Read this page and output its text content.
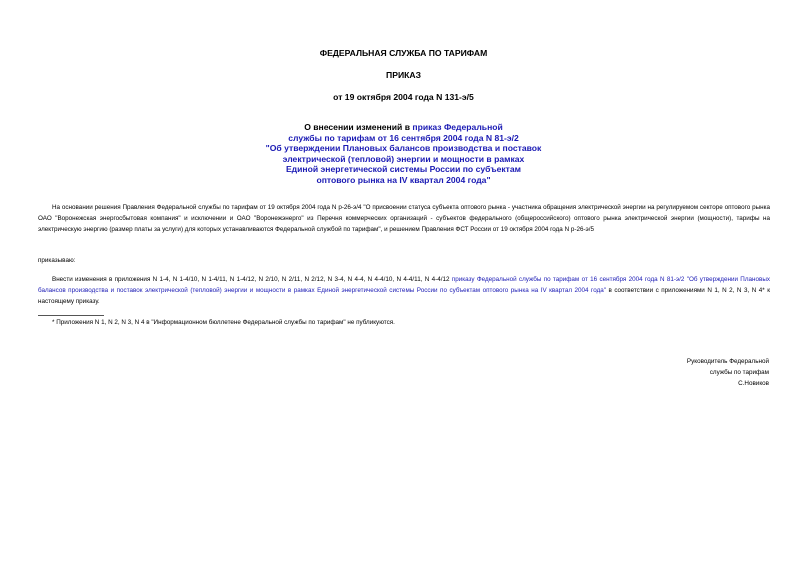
ФЕДЕРАЛЬНАЯ СЛУЖБА ПО ТАРИФАМ
ПРИКАЗ
от 19 октября 2004 года N 131-э/5
О внесении изменений в приказ Федеральной
службы по тарифам от 16 сентября 2004 года N 81-э/2
"Об утверждении Плановых балансов производства и поставок
электрической (тепловой) энергии и мощности в рамках
Единой энергетической системы России по субъектам
оптового рынка на IV квартал 2004 года"
На основании решения Правления Федеральной службы по тарифам от 19 октября 2004 года N р-26-э/4 "О присвоении статуса субъекта оптового рынка - участника обращения электрической энергии на регулируемом секторе оптового рынка ОАО "Воронежская энергосбытовая компания" и исключении и ОАО "Воронежэнерго" из Перечня коммерческих организаций - субъектов федерального (общероссийского) оптового рынка электрической энергии (мощности), тарифы на электрическую энергию (размер платы за услуги) для которых устанавливаются Федеральной службой по тарифам", и решением Правления ФСТ России от 19 октября 2004 года N р-26-э/5
приказываю:
Внести изменения в приложения N 1-4, N 1-4/10, N 1-4/11, N 1-4/12, N 2/10, N 2/11, N 2/12, N 3-4, N 4-4, N 4-4/10, N 4-4/11, N 4-4/12 приказу Федеральной службы по тарифам от 16 сентября 2004 года N 81-э/2 "Об утверждении Плановых балансов производства и поставок электрической (тепловой) энергии и мощности в рамках Единой энергетической системы России по субъектам оптового рынка на IV квартал 2004 года" в соответствии с приложениями N 1, N 2, N 3, N 4* к настоящему приказу.
* Приложения N 1, N 2, N 3, N 4 в "Информационном бюллетене Федеральной службы по тарифам" не публикуются.
Руководитель Федеральной
службы по тарифам
С.Новиков
